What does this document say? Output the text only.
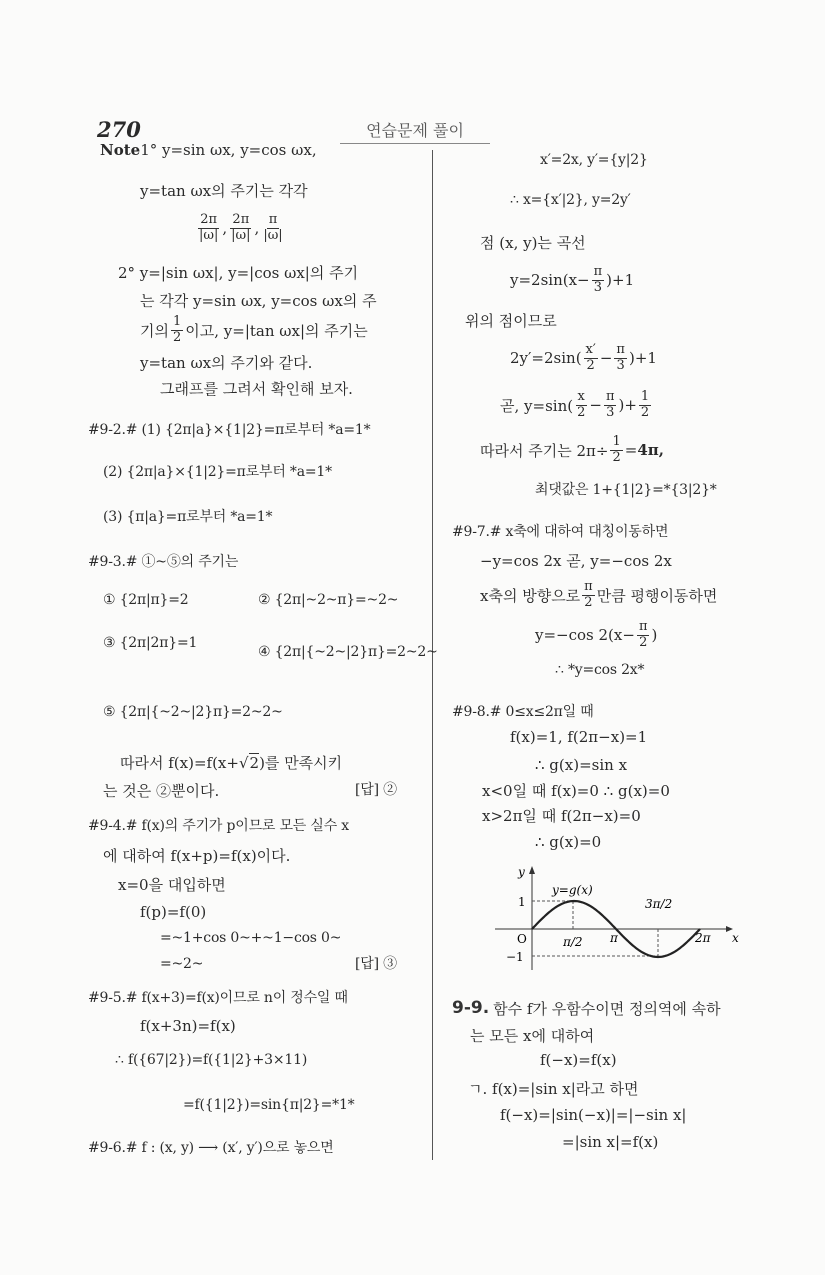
270	연습문제 풀이
Note 1° y=sin ωx, y=cos ωx,
y=tan ωx의 주기는 각각
$\frac{2\pi}{|\omega|}$ , $\frac{2\pi}{|\omega|}$ , $\frac{\pi}{|\omega|}$
2° y=|sin ωx|, y=|cos ωx|의 주기
는 각각 y=sin ωx, y=cos ωx의 주
기의 $\frac{1}{2}$ 이고, y=|tan ωx|의 주기는
y=tan ωx의 주기와 같다.
그래프를 그려서 확인해 보자.
#9-2.# (1) {2π|a}×{1|2}=π로부터 *a=1*
(2) {2π|a}×{1|2}=π로부터 *a=1*
(3) {π|a}=π로부터 *a=1*
#9-3.# ①~⑤의 주기는
① {2π|π}=2	② {2π|~2~π}=~2~
③ {2π|2π}=1
④ {2π|{~2~|2}π}=2~2~
⑤ {2π|{~2~|2}π}=2~2~
따라서 f(x)=f(x+√ 2 )를 만족시키
는 것은 ②뿐이다.	[답] ②
#9-4.# f(x)의 주기가 p이므로 모든 실수 x
에 대하여 f(x+p)=f(x)이다.
x=0을 대입하면
f(p)=f(0)
=~1+cos 0~+~1−cos 0~
=~2~	[답] ③
#9-5.# f(x+3)=f(x)이므로 n이 정수일 때
f(x+3n)=f(x)
∴ f({67|2})=f({1|2}+3×11)
=f({1|2})=sin{π|2}=*1*
#9-6.# f : (x, y) ⟶ (x′, y′)으로 놓으면
x′=2x, y′={y|2}
∴ x={x′|2}, y=2y′
점 (x, y)는 곡선
$y=2\sin(x- \frac{\pi}{3} )+1$
위의 점이므로
$2y'=2\sin( \frac{x'}{2} - \frac{\pi}{3} )+1$
곧, $y=\sin( \frac{x}{2} - \frac{\pi}{3}$ )+ $\frac{1}{2}$
따라서 주기는 $2\pi\div \frac{1}{2} = 4\pi$,
최댓값은 1+{1|2}=*{3|2}*
#9-7.# x축에 대하여 대칭이동하면
−y=cos 2x 곧, y=−cos 2x
x축의 방향으로 $\frac{\pi}{2}$ 만큼 평행이동하면
y=−cos $2(x- \frac{\pi}{2}$ )
∴ *y=cos 2x*
#9-8.# 0≤x≤2π일 때
f(x)=1, f(2π−x)=1
∴ g(x)=sin x
x<0일 때 f(x)=0 ∴ g(x)=0
x>2π일 때 f(2π−x)=0
∴ g(x)=0
y
y=g(x)
1
O
−1
π/2 π
3π/2
2π x
9-9. 함수 f가 우함수이면 정의역에 속하
는 모든 x에 대하여
f(−x)=f(x)
ㄱ. f(x)=|sin x|라고 하면
f(−x)=|sin(−x)|=|−sin x|
=|sin x|=f(x)
